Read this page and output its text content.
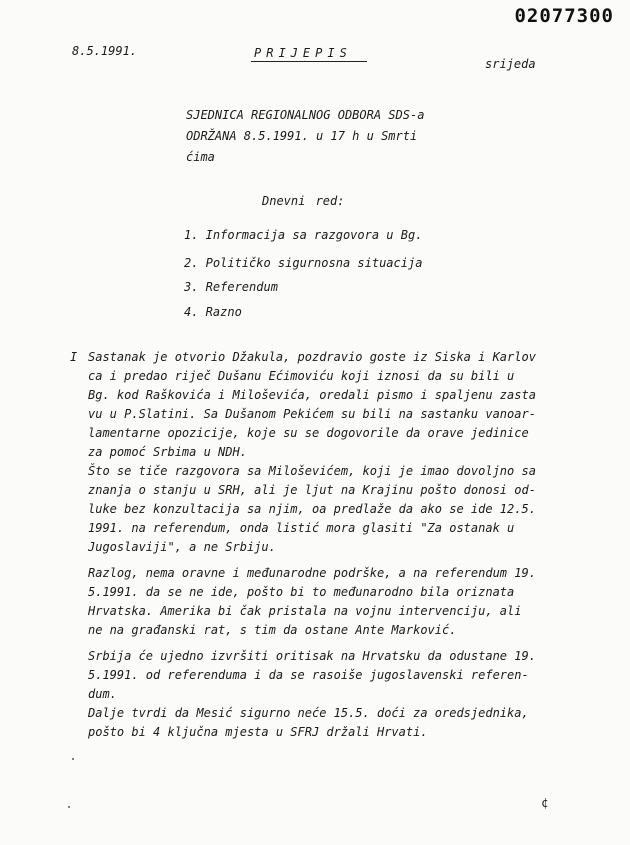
02077300
8.5.1991.	PRIJEPIS
srijeda
SJEDNICA REGIONALNOG ODBORA SDS-a
ODRŽANA 8.5.1991. u 17 h u Smrti
ćima
Dnevni red:
1. Informacija sa razgovora u Bg.
2. Političko sigurnosna situacija
3. Referendum
4. Razno
I Sastanak je otvorio Džakula, pozdravio goste iz Siska i Karlov
ca i predao riječ Dušanu Ećimoviću koji iznosi da su bili u
Bg. kod Raškovića i Miloševića, oredali pismo i spaljenu zasta
vu u P.Slatini. Sa Dušanom Pekićem su bili na sastanku vanoar-
lamentarne opozicije, koje su se dogovorile da orave jedinice
za pomoć Srbima u NDH.
Što se tiče razgovora sa Miloševićem, koji je imao dovoljno sa
znanja o stanju u SRH, ali je ljut na Krajinu pošto donosi od-
luke bez konzultacija sa njim, oa predlaže da ako se ide 12.5.
1991. na referendum, onda listić mora glasiti "Za ostanak u
Jugoslaviji", a ne Srbiju.
Razlog, nema oravne i međunarodne podrške, a na referendum 19.
5.1991. da se ne ide, pošto bi to međunarodno bila oriznata
Hrvatska. Amerika bi čak pristala na vojnu intervenciju, ali
ne na građanski rat, s tim da ostane Ante Marković.
Srbija će ujedno izvršiti oritisak na Hrvatsku da odustane 19.
5.1991. od referenduma i da se rasoiše jugoslavenski referen-
dum.
Dalje tvrdi da Mesić sigurno neće 15.5. doći za oredsjednika,
pošto bi 4 ključna mjesta u SFRJ držali Hrvati.
¢
